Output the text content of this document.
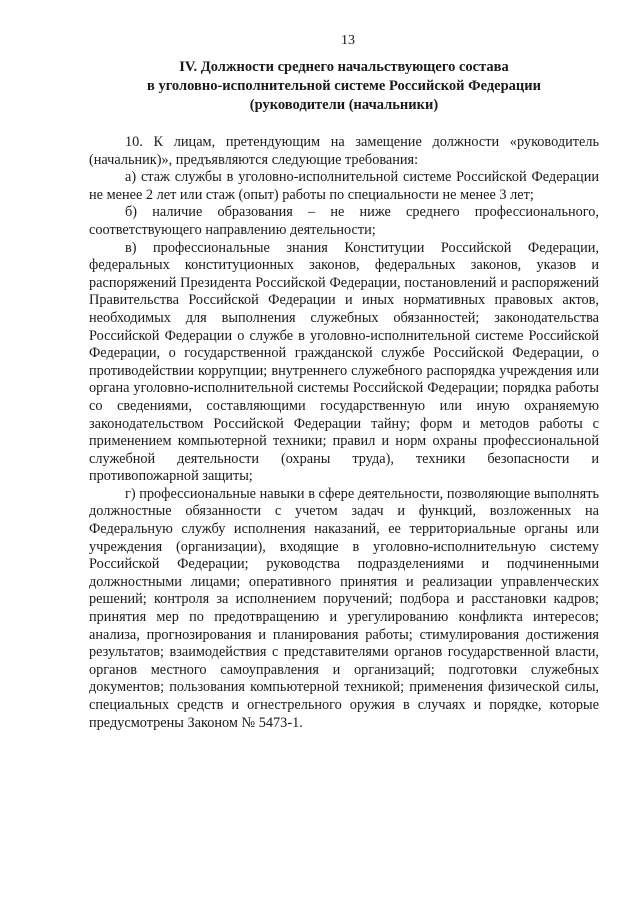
13
IV. Должности среднего начальствующего состава
в уголовно-исполнительной системе Российской Федерации
(руководители (начальники)

10. К лицам, претендующим на замещение должности «руководитель (начальник)», предъявляются следующие требования:

а) стаж службы в уголовно-исполнительной системе Российской Федерации не менее 2 лет или стаж (опыт) работы по специальности не менее 3 лет;

б) наличие образования – не ниже среднего профессионального, соответствующего направлению деятельности;

в) профессиональные знания Конституции Российской Федерации, федеральных конституционных законов, федеральных законов, указов и распоряжений Президента Российской Федерации, постановлений и распоряжений Правительства Российской Федерации и иных нормативных правовых актов, необходимых для выполнения служебных обязанностей; законодательства Российской Федерации о службе в уголовно-исполнительной системе Российской Федерации, о государственной гражданской службе Российской Федерации, о противодействии коррупции; внутреннего служебного распорядка учреждения или органа уголовно-исполнительной системы Российской Федерации; порядка работы со сведениями, составляющими государственную или иную охраняемую законодательством Российской Федерации тайну; форм и методов работы с применением компьютерной техники; правил и норм охраны профессиональной служебной деятельности (охраны труда), техники безопасности и противопожарной защиты;

г) профессиональные навыки в сфере деятельности, позволяющие выполнять должностные обязанности с учетом задач и функций, возложенных на Федеральную службу исполнения наказаний, ее территориальные органы или учреждения (организации), входящие в уголовно-исполнительную систему Российской Федерации; руководства подразделениями и подчиненными должностными лицами; оперативного принятия и реализации управленческих решений; контроля за исполнением поручений; подбора и расстановки кадров; принятия мер по предотвращению и урегулированию конфликта интересов; анализа, прогнозирования и планирования работы; стимулирования достижения результатов; взаимодействия с представителями органов государственной власти, органов местного самоуправления и организаций; подготовки служебных документов; пользования компьютерной техникой; применения физической силы, специальных средств и огнестрельного оружия в случаях и порядке, которые предусмотрены Законом № 5473-1.
